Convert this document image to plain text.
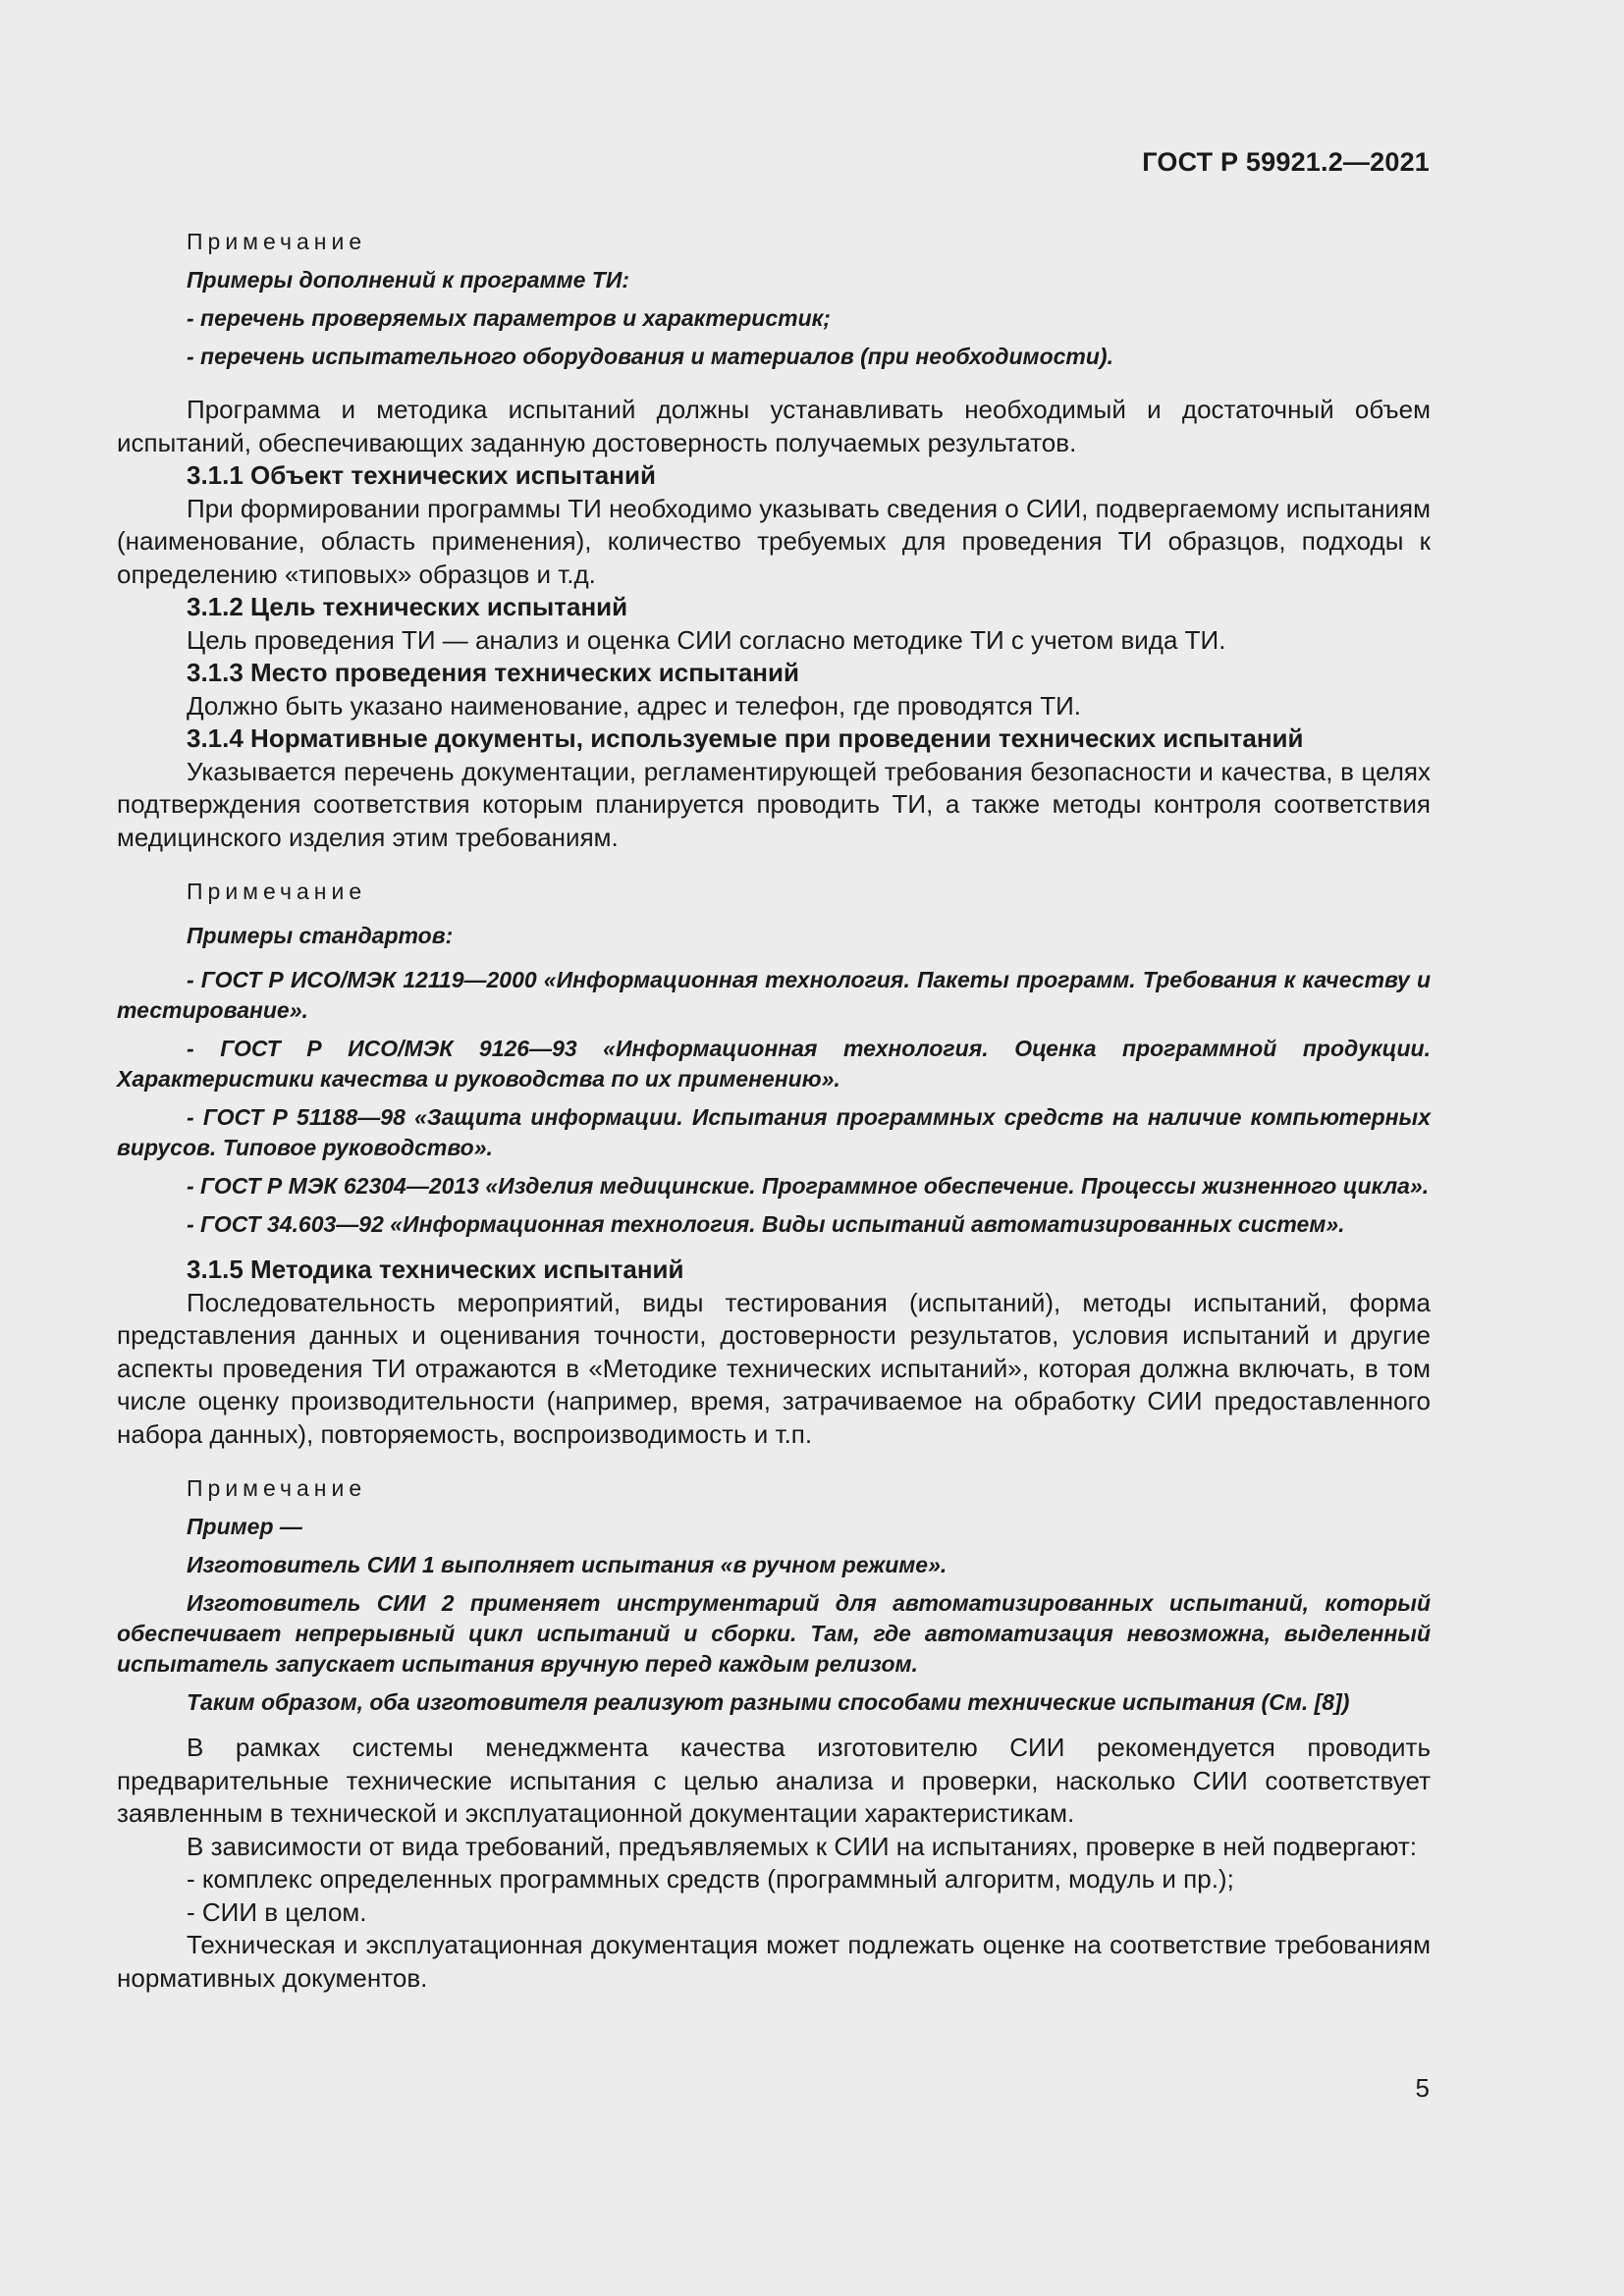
ГОСТ Р 59921.2—2021

Примечание

Примеры дополнений к программе ТИ:

- перечень проверяемых параметров и характеристик;

- перечень испытательного оборудования и материалов (при необходимости).

Программа и методика испытаний должны устанавливать необходимый и достаточный объем испытаний, обеспечивающих заданную достоверность получаемых результатов.

3.1.1 Объект технических испытаний

При формировании программы ТИ необходимо указывать сведения о СИИ, подвергаемому испытаниям (наименование, область применения), количество требуемых для проведения ТИ образцов, подходы к определению «типовых» образцов и т.д.

3.1.2 Цель технических испытаний

Цель проведения ТИ — анализ и оценка СИИ согласно методике ТИ с учетом вида ТИ.

3.1.3 Место проведения технических испытаний

Должно быть указано наименование, адрес и телефон, где проводятся ТИ.

3.1.4 Нормативные документы, используемые при проведении технических испытаний

Указывается перечень документации, регламентирующей требования безопасности и качества, в целях подтверждения соответствия которым планируется проводить ТИ, а также методы контроля соответствия медицинского изделия этим требованиям.

Примечание

Примеры стандартов:

- ГОСТ Р ИСО/МЭК 12119—2000 «Информационная технология. Пакеты программ. Требования к качеству и тестирование».

- ГОСТ Р ИСО/МЭК 9126—93 «Информационная технология. Оценка программной продукции. Характеристики качества и руководства по их применению».

- ГОСТ Р 51188—98 «Защита информации. Испытания программных средств на наличие компьютерных вирусов. Типовое руководство».

- ГОСТ Р МЭК 62304—2013 «Изделия медицинские. Программное обеспечение. Процессы жизненного цикла».

- ГОСТ 34.603—92 «Информационная технология. Виды испытаний автоматизированных систем».

3.1.5 Методика технических испытаний

Последовательность мероприятий, виды тестирования (испытаний), методы испытаний, форма представления данных и оценивания точности, достоверности результатов, условия испытаний и другие аспекты проведения ТИ отражаются в «Методике технических испытаний», которая должна включать, в том числе оценку производительности (например, время, затрачиваемое на обработку СИИ предоставленного набора данных), повторяемость, воспроизводимость и т.п.

Примечание

Пример —

Изготовитель СИИ 1 выполняет испытания «в ручном режиме».

Изготовитель СИИ 2 применяет инструментарий для автоматизированных испытаний, который обеспечивает непрерывный цикл испытаний и сборки. Там, где автоматизация невозможна, выделенный испытатель запускает испытания вручную перед каждым релизом.

Таким образом, оба изготовителя реализуют разными способами технические испытания (См. [8])

В рамках системы менеджмента качества изготовителю СИИ рекомендуется проводить предварительные технические испытания с целью анализа и проверки, насколько СИИ соответствует заявленным в технической и эксплуатационной документации характеристикам.

В зависимости от вида требований, предъявляемых к СИИ на испытаниях, проверке в ней подвергают:

- комплекс определенных программных средств (программный алгоритм, модуль и пр.);

- СИИ в целом.

Техническая и эксплуатационная документация может подлежать оценке на соответствие требованиям нормативных документов.

5
